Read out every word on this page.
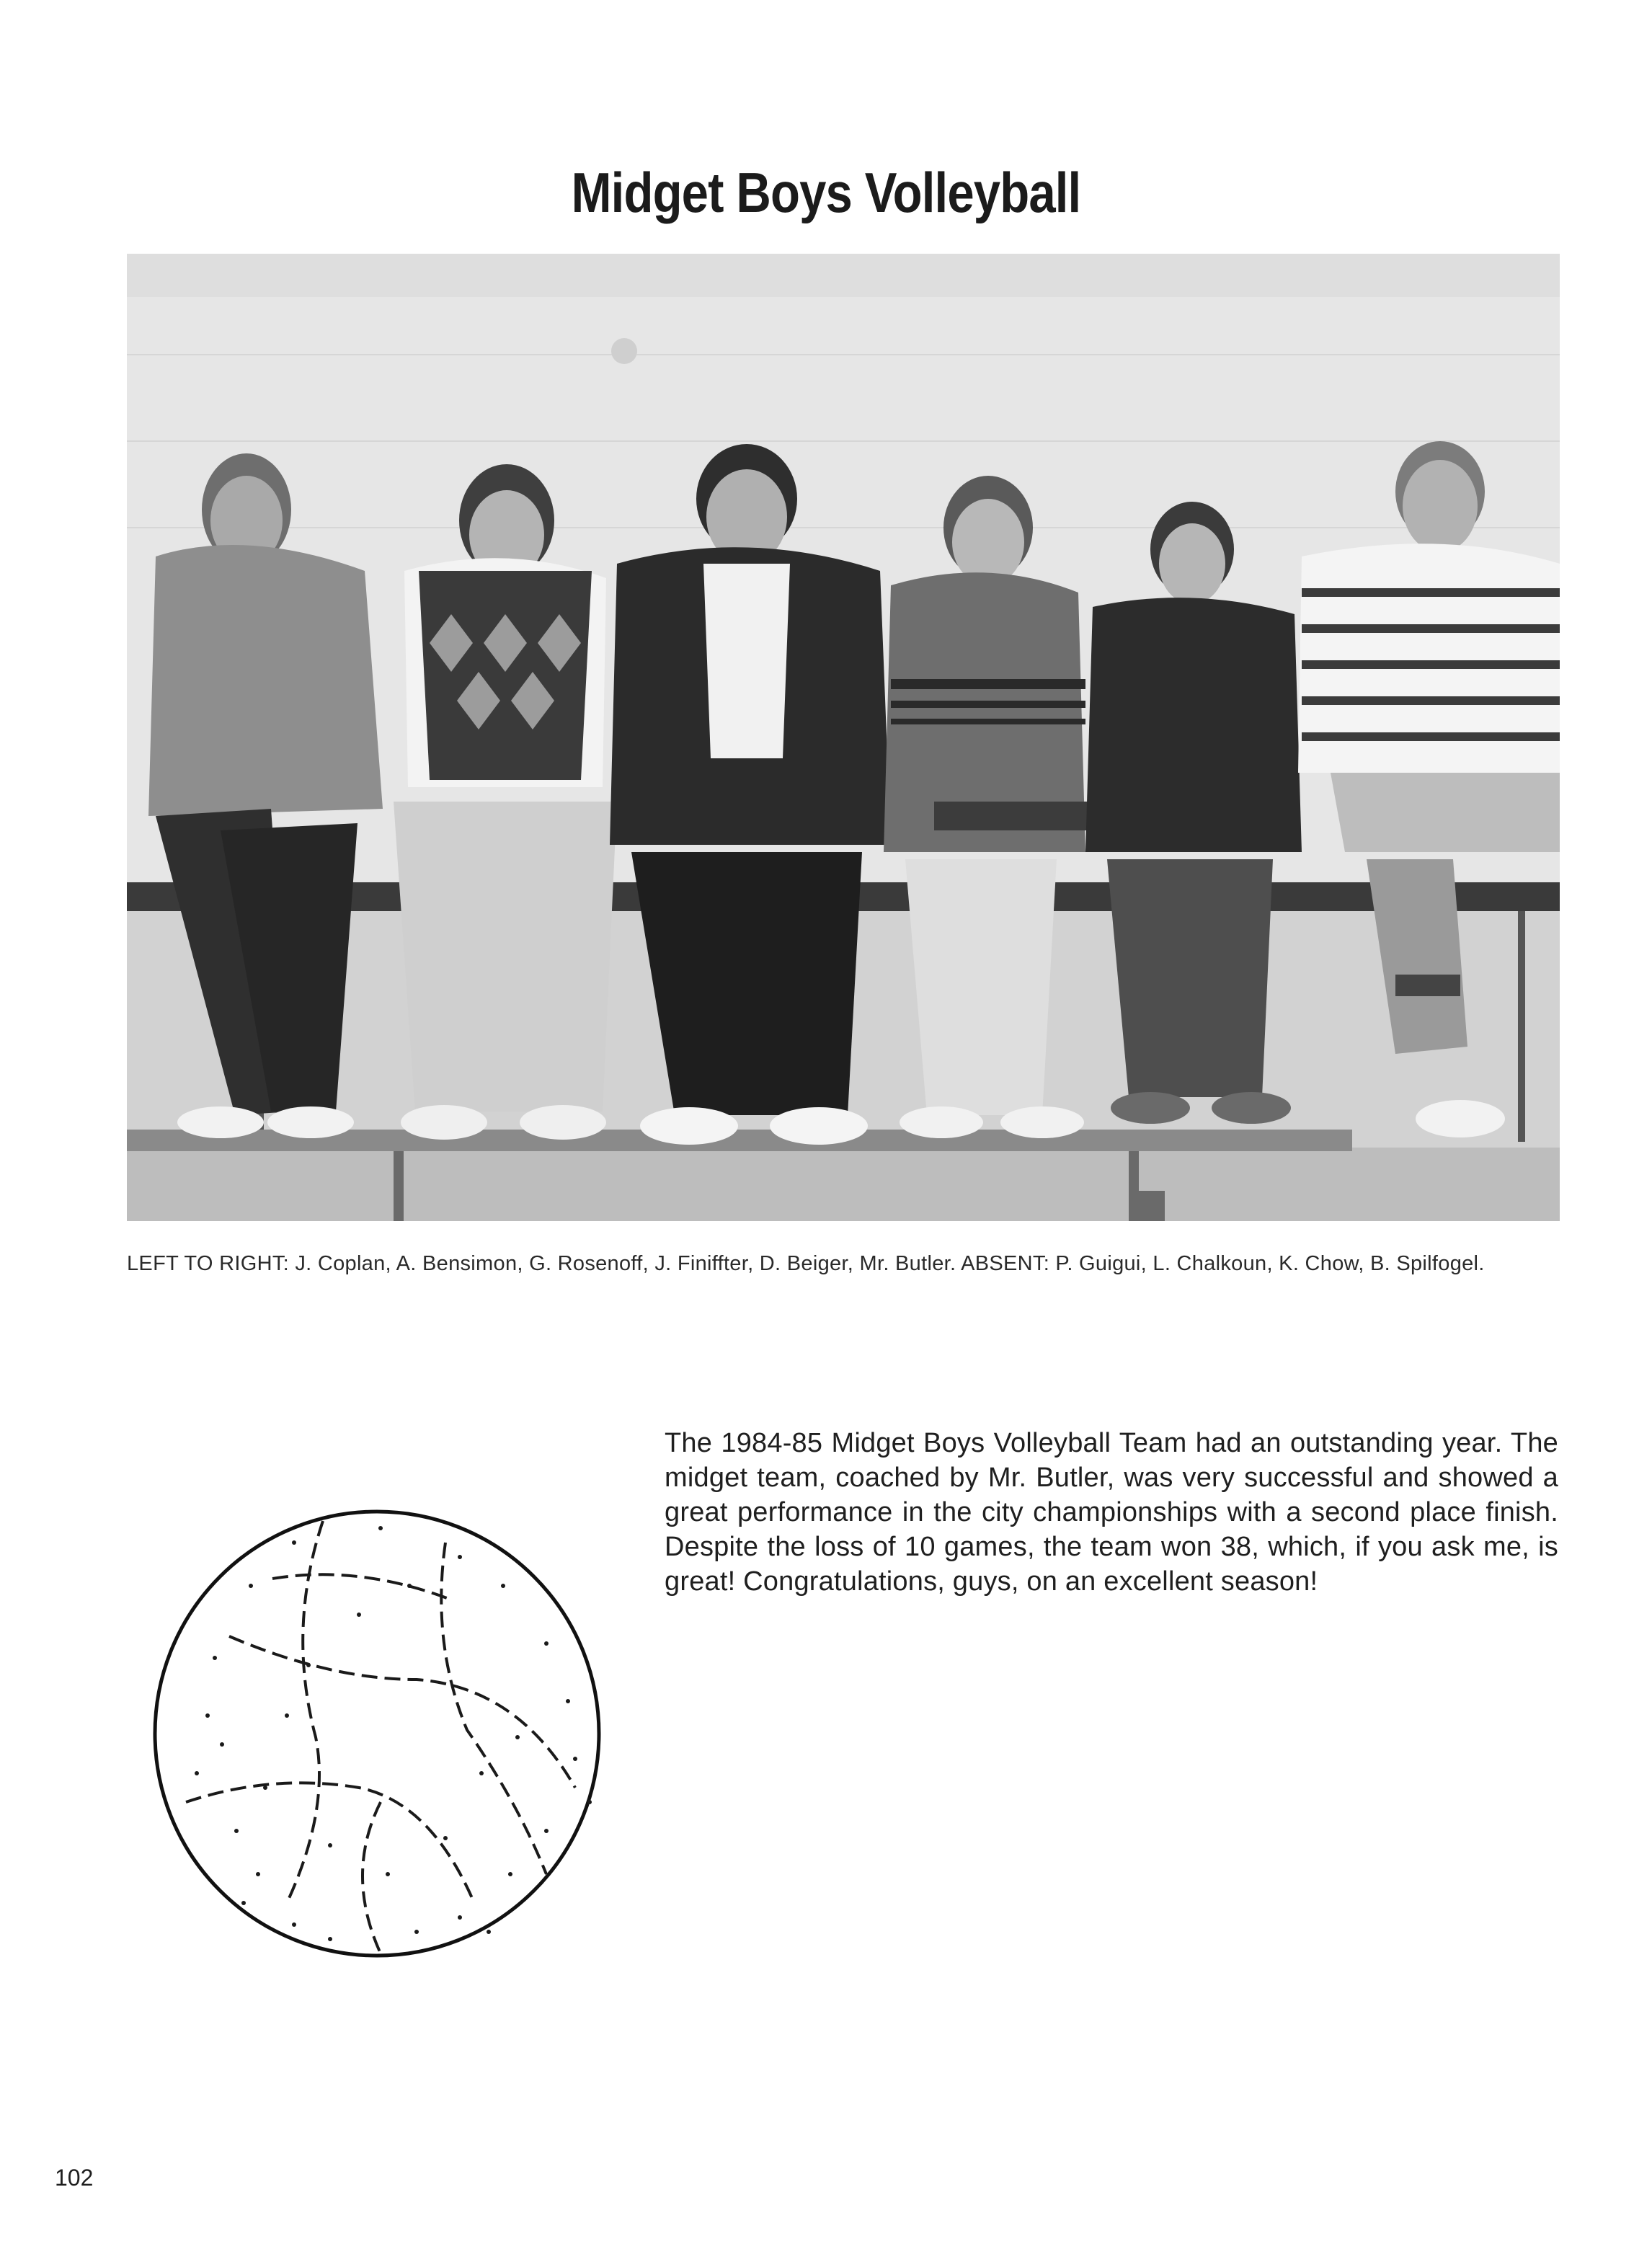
Midget Boys Volleyball
LEFT TO RIGHT: J. Coplan, A. Bensimon, G. Rosenoff, J. Finiffter, D. Beiger, Mr. Butler. ABSENT: P. Guigui, L. Chalkoun, K. Chow, B. Spilfogel.
The 1984-85 Midget Boys Volleyball Team had an outstanding year. The midget team, coached by Mr. Butler, was very successful and showed a great performance in the city championships with a second place finish. Despite the loss of 10 games, the team won 38, which, if you ask me, is great! Congratulations, guys, on an excellent season!
102
